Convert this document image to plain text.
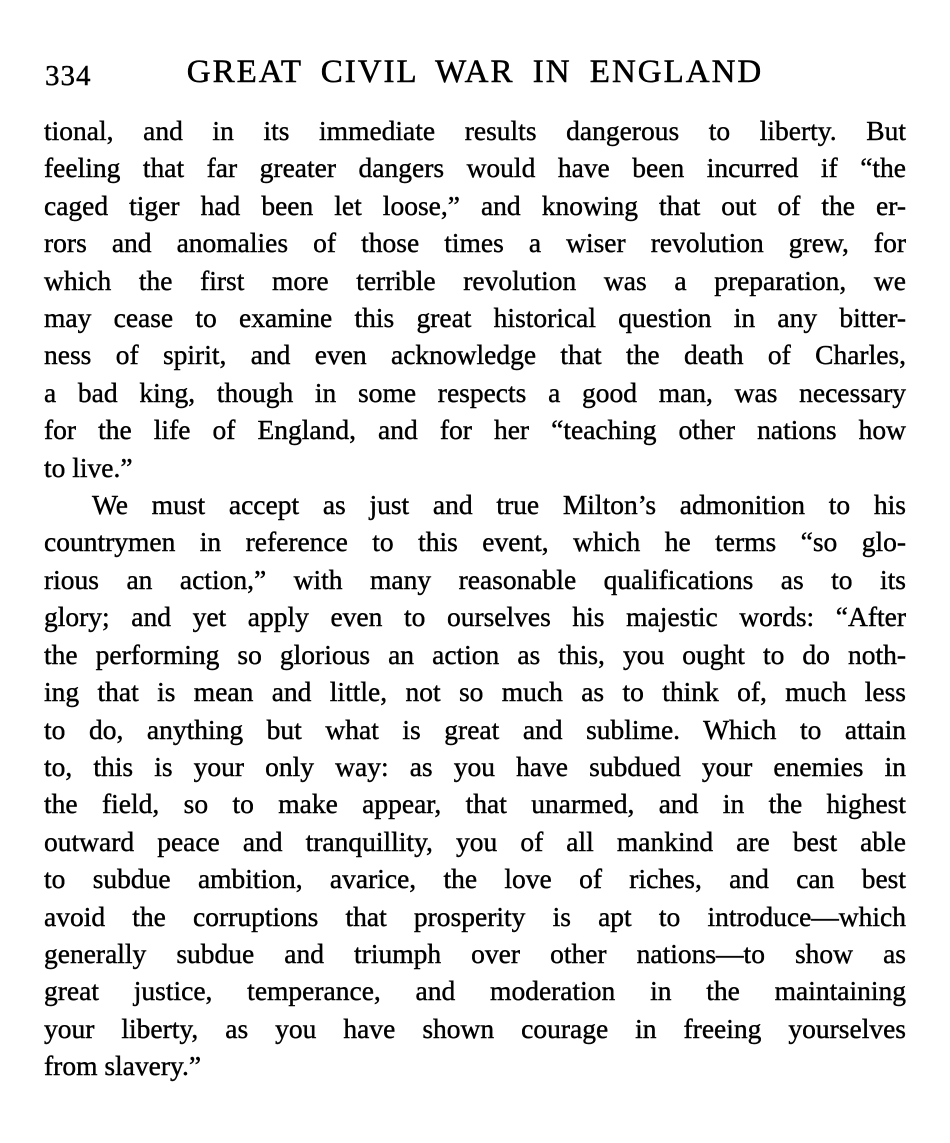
334	GREAT CIVIL WAR IN ENGLAND
tional, and in its immediate results dangerous to liberty. But
feeling that far greater dangers would have been incurred if “the
caged tiger had been let loose,” and knowing that out of the er-
rors and anomalies of those times a wiser revolution grew, for
which the first more terrible revolution was a preparation, we
may cease to examine this great historical question in any bitter-
ness of spirit, and even acknowledge that the death of Charles,
a bad king, though in some respects a good man, was necessary
for the life of England, and for her “teaching other nations how
to live.”
We must accept as just and true Milton’s admonition to his
countrymen in reference to this event, which he terms “so glo-
rious an action,” with many reasonable qualifications as to its
glory; and yet apply even to ourselves his majestic words: “After
the performing so glorious an action as this, you ought to do noth-
ing that is mean and little, not so much as to think of, much less
to do, anything but what is great and sublime. Which to attain
to, this is your only way: as you have subdued your enemies in
the field, so to make appear, that unarmed, and in the highest
outward peace and tranquillity, you of all mankind are best able
to subdue ambition, avarice, the love of riches, and can best
avoid the corruptions that prosperity is apt to introduce—which
generally subdue and triumph over other nations—to show as
great justice, temperance, and moderation in the maintaining
your liberty, as you have shown courage in freeing yourselves
from slavery.”
